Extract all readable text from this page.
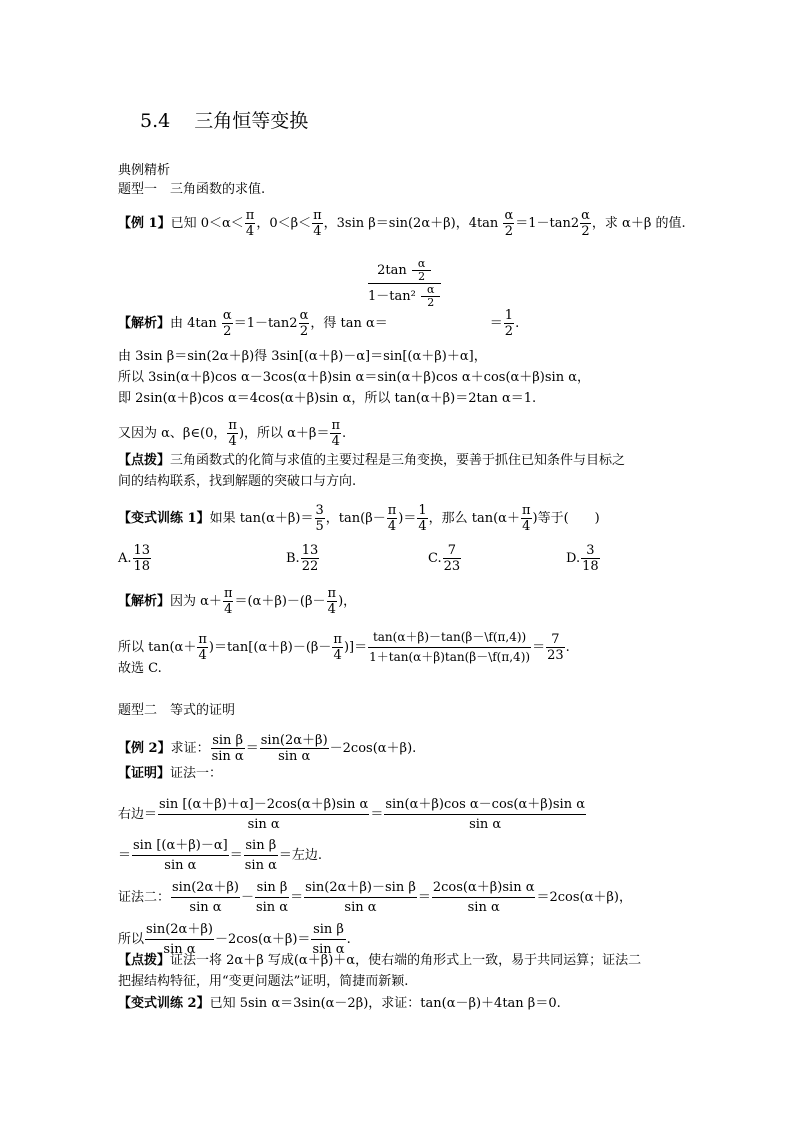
5.4 三角恒等变换
典例精析
题型一　三角函数的求值.
【例 1】已知 $0<\alpha< \frac{\pi}{4}$ ，$0<\beta< \frac{\pi}{4}$ ，3sin β＝sin(2α＋β)，$4\tan \frac{\alpha}{2} =1-\tan 2 \frac{\alpha}{2}$ ，求 α＋β 的值.
$2\tan \frac{\alpha}{2}$
$1-\tan^2 \frac{\alpha}{2}$
【解析】由 $4\tan \frac{\alpha}{2} =1-\tan 2 \frac{\alpha}{2}$ ，得 tan α＝	＝ $\frac{1}{2}$ .
由 3sin β＝sin(2α＋β)得 3sin[(α＋β)－α]＝sin[(α＋β)＋α]，
所以 3sin(α＋β)cos α－3cos(α＋β)sin α＝sin(α＋β)cos α＋cos(α＋β)sin α，
即 2sin(α＋β)cos α＝4cos(α＋β)sin α，所以 tan(α＋β)＝2tan α＝1.
又因为 α、β∈(0， $\frac{\pi}{4}$ )，所以 $\alpha+\beta= \frac{\pi}{4}$ .
【点拨】三角函数式的化简与求值的主要过程是三角变换，要善于抓住已知条件与目标之
间的结构联系，找到解题的突破口与方向.
【变式训练 1】如果 $\tan(\alpha+\beta)= \frac{3}{5}$ ，$\tan(\beta- \frac{\pi}{4}$ )＝ $\frac{1}{4}$ ，那么 $\tan(\alpha+ \frac{\pi}{4}$ )等于(　　)
A. $\frac{13}{18}$	B. $\frac{13}{22}$	C. $\frac{7}{23}$	D. $\frac{3}{18}$
【解析】因为 $\alpha+ \frac{\pi}{4} =(\alpha+\beta)-(\beta- \frac{\pi}{4}$ )，
所以 $\tan(\alpha+ \frac{\pi}{4} )=\tan[(\alpha+\beta)-(\beta- \frac{\pi}{4}$ )]＝ $\frac{\tan(\alpha+\beta)-\tan(\beta-\backslash f(\pi,4))}{1+\tan(\alpha+\beta)\tan(\beta-\backslash f(\pi,4))} = \frac{7}{23}$ .
故选 C.
题型二　等式的证明
【例 2】求证： $\frac{\text{sin β}}{\text{sin α}} = \frac{\sin(2\alpha+\beta)}{\text{sin α}} -2\cos(\alpha+\beta)$.
【证明】证法一：
右边＝ $\frac{\text{sin [(α＋β)＋α]－2cos(α＋β)sin α}}{\text{sin α}} = \frac{\text{sin(α＋β)cos α－cos(α＋β)sin α}}{\text{sin α}}$
＝ $\frac{\sin [(\alpha+\beta)-\alpha]}{\text{sin α}} = \frac{\text{sin β}}{\text{sin α}}$ ＝左边.
证法二： $\frac{\sin(2\alpha+\beta)}{\text{sin α}} - \frac{\text{sin β}}{\text{sin α}} = \frac{\text{sin(2α＋β)－sin β}}{\text{sin α}} = \frac{\text{2cos(α＋β)sin α}}{\text{sin α}} =2\cos(\alpha+\beta)$，
所以 $\frac{\sin(2\alpha+\beta)}{\text{sin α}} -2\cos(\alpha+\beta)= \frac{\text{sin β}}{\text{sin α}}$ .
【点拨】证法一将 2α＋β 写成(α＋β)＋α，使右端的角形式上一致，易于共同运算；证法二
把握结构特征，用“变更问题法”证明，简捷而新颖.
【变式训练 2】已知 5sin α＝3sin(α－2β)，求证：tan(α－β)＋4tan β＝0.
